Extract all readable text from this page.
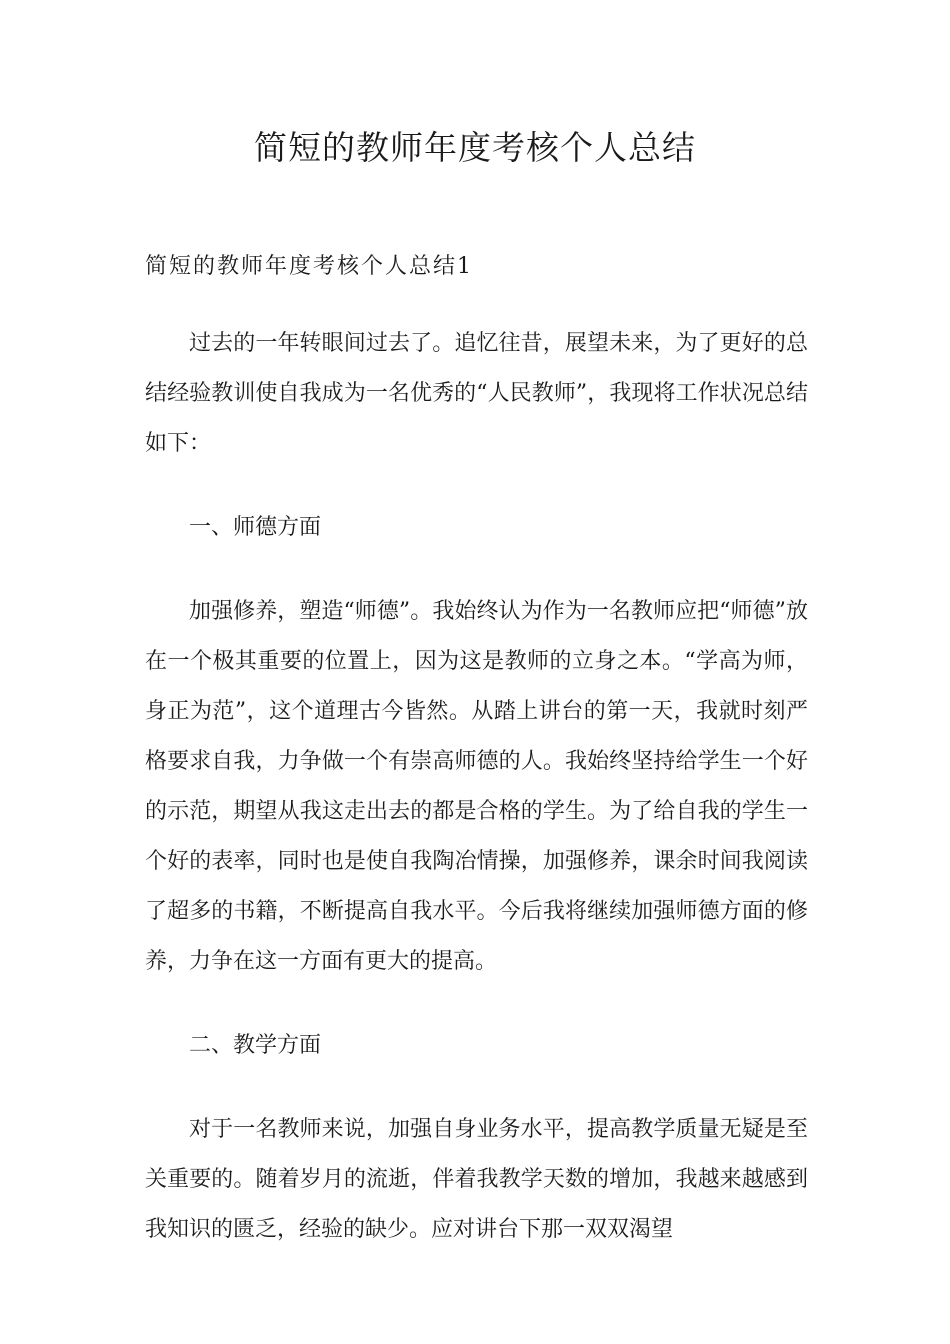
简短的教师年度考核个人总结
简短的教师年度考核个人总结1

过去的一年转眼间过去了。追忆往昔，展望未来，为了更好的总结经验教训使自我成为一名优秀的“人民教师”，我现将工作状况总结如下：

一、师德方面

加强修养，塑造“师德”。我始终认为作为一名教师应把“师德”放在一个极其重要的位置上，因为这是教师的立身之本。“学高为师，身正为范”，这个道理古今皆然。从踏上讲台的第一天，我就时刻严格要求自我，力争做一个有崇高师德的人。我始终坚持给学生一个好的示范，期望从我这走出去的都是合格的学生。为了给自我的学生一个好的表率，同时也是使自我陶冶情操，加强修养，课余时间我阅读了超多的书籍，不断提高自我水平。今后我将继续加强师德方面的修养，力争在这一方面有更大的提高。

二、教学方面

对于一名教师来说，加强自身业务水平，提高教学质量无疑是至关重要的。随着岁月的流逝，伴着我教学天数的增加，我越来越感到我知识的匮乏，经验的缺少。应对讲台下那一双双渴望
